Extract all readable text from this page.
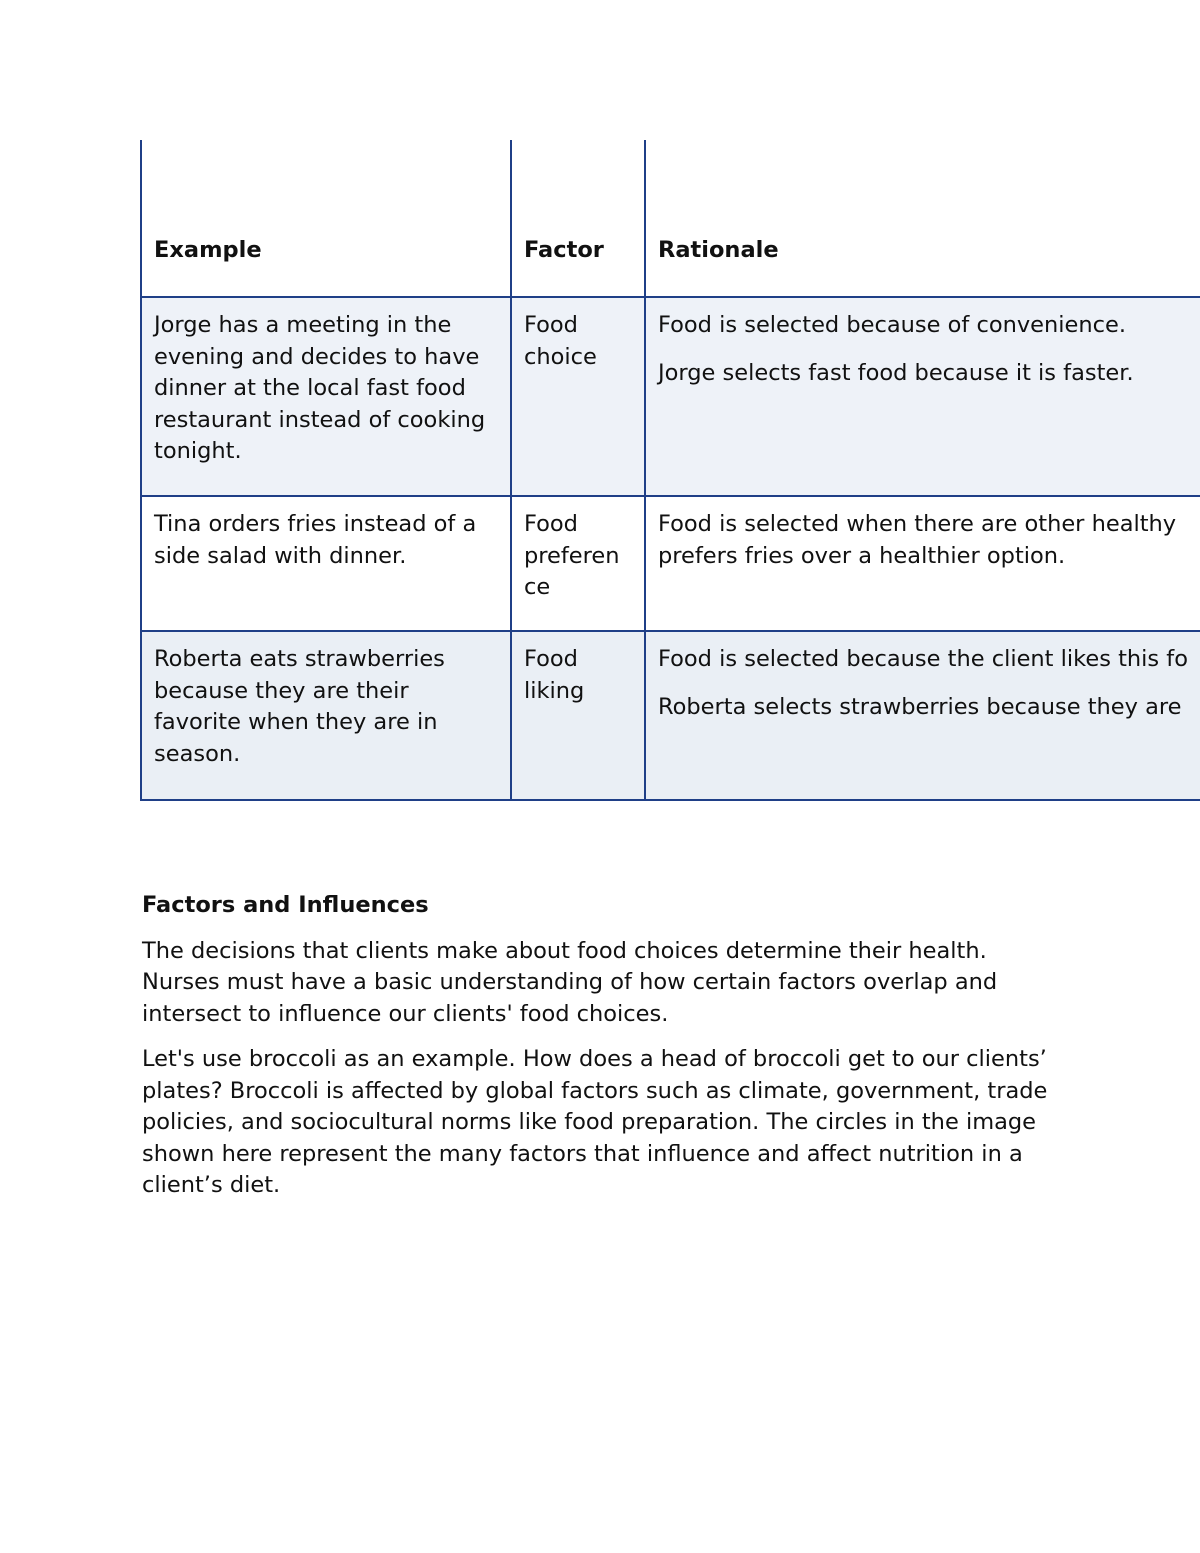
Example	Factor	Rationale
Jorge has a meeting in the evening and decides to have dinner at the local fast food restaurant instead of cooking tonight.
Food choice
Food is selected because of convenience.
Jorge selects fast food because it is faster.
Tina orders fries instead of a side salad with dinner.
Food preferen ce
Food is selected when there are other healthy
prefers fries over a healthier option.
Roberta eats strawberries because they are their favorite when they are in season.
Food liking
Food is selected because the client likes this fo
Roberta selects strawberries because they are
Factors and Influences

The decisions that clients make about food choices determine their health. Nurses must have a basic understanding of how certain factors overlap and intersect to influence our clients' food choices.

Let's use broccoli as an example. How does a head of broccoli get to our clients’ plates? Broccoli is affected by global factors such as climate, government, trade policies, and sociocultural norms like food preparation. The circles in the image shown here represent the many factors that influence and affect nutrition in a client’s diet.
